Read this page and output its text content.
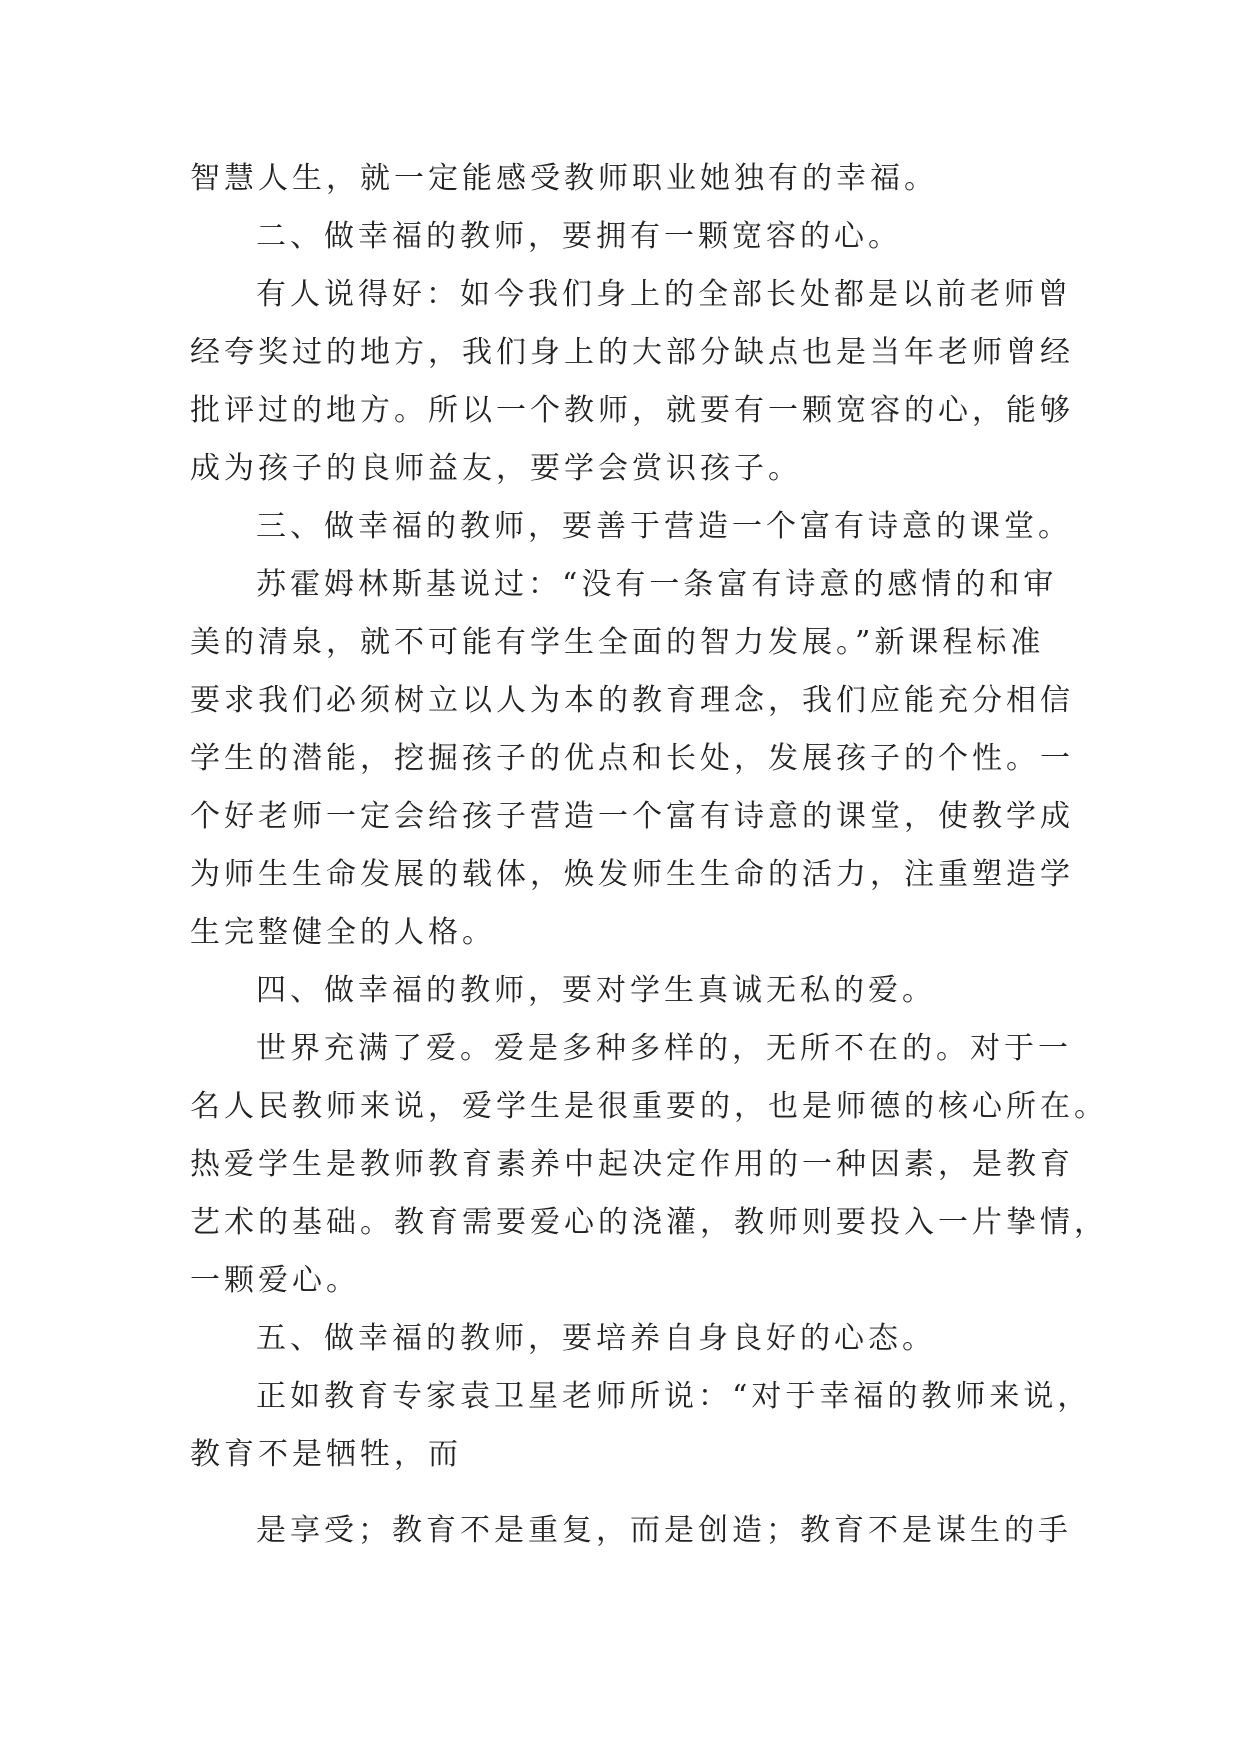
智慧人生，就一定能感受教师职业她独有的幸福。
二、做幸福的教师，要拥有一颗宽容的心。
有人说得好：如今我们身上的全部长处都是以前老师曾
经夸奖过的地方，我们身上的大部分缺点也是当年老师曾经
批评过的地方。所以一个教师，就要有一颗宽容的心，能够
成为孩子的良师益友，要学会赏识孩子。
三、做幸福的教师，要善于营造一个富有诗意的课堂。
苏霍姆林斯基说过：“没有一条富有诗意的感情的和审
美的清泉，就不可能有学生全面的智力发展。”新课程标准
要求我们必须树立以人为本的教育理念，我们应能充分相信
学生的潜能，挖掘孩子的优点和长处，发展孩子的个性。一
个好老师一定会给孩子营造一个富有诗意的课堂，使教学成
为师生生命发展的载体，焕发师生生命的活力，注重塑造学
生完整健全的人格。
四、做幸福的教师，要对学生真诚无私的爱。
世界充满了爱。爱是多种多样的，无所不在的。对于一
名人民教师来说，爱学生是很重要的，也是师德的核心所在。
热爱学生是教师教育素养中起决定作用的一种因素，是教育
艺术的基础。教育需要爱心的浇灌，教师则要投入一片挚情，
一颗爱心。
五、做幸福的教师，要培养自身良好的心态。
正如教育专家袁卫星老师所说：“对于幸福的教师来说，
教育不是牺牲，而
是享受；教育不是重复，而是创造；教育不是谋生的手
